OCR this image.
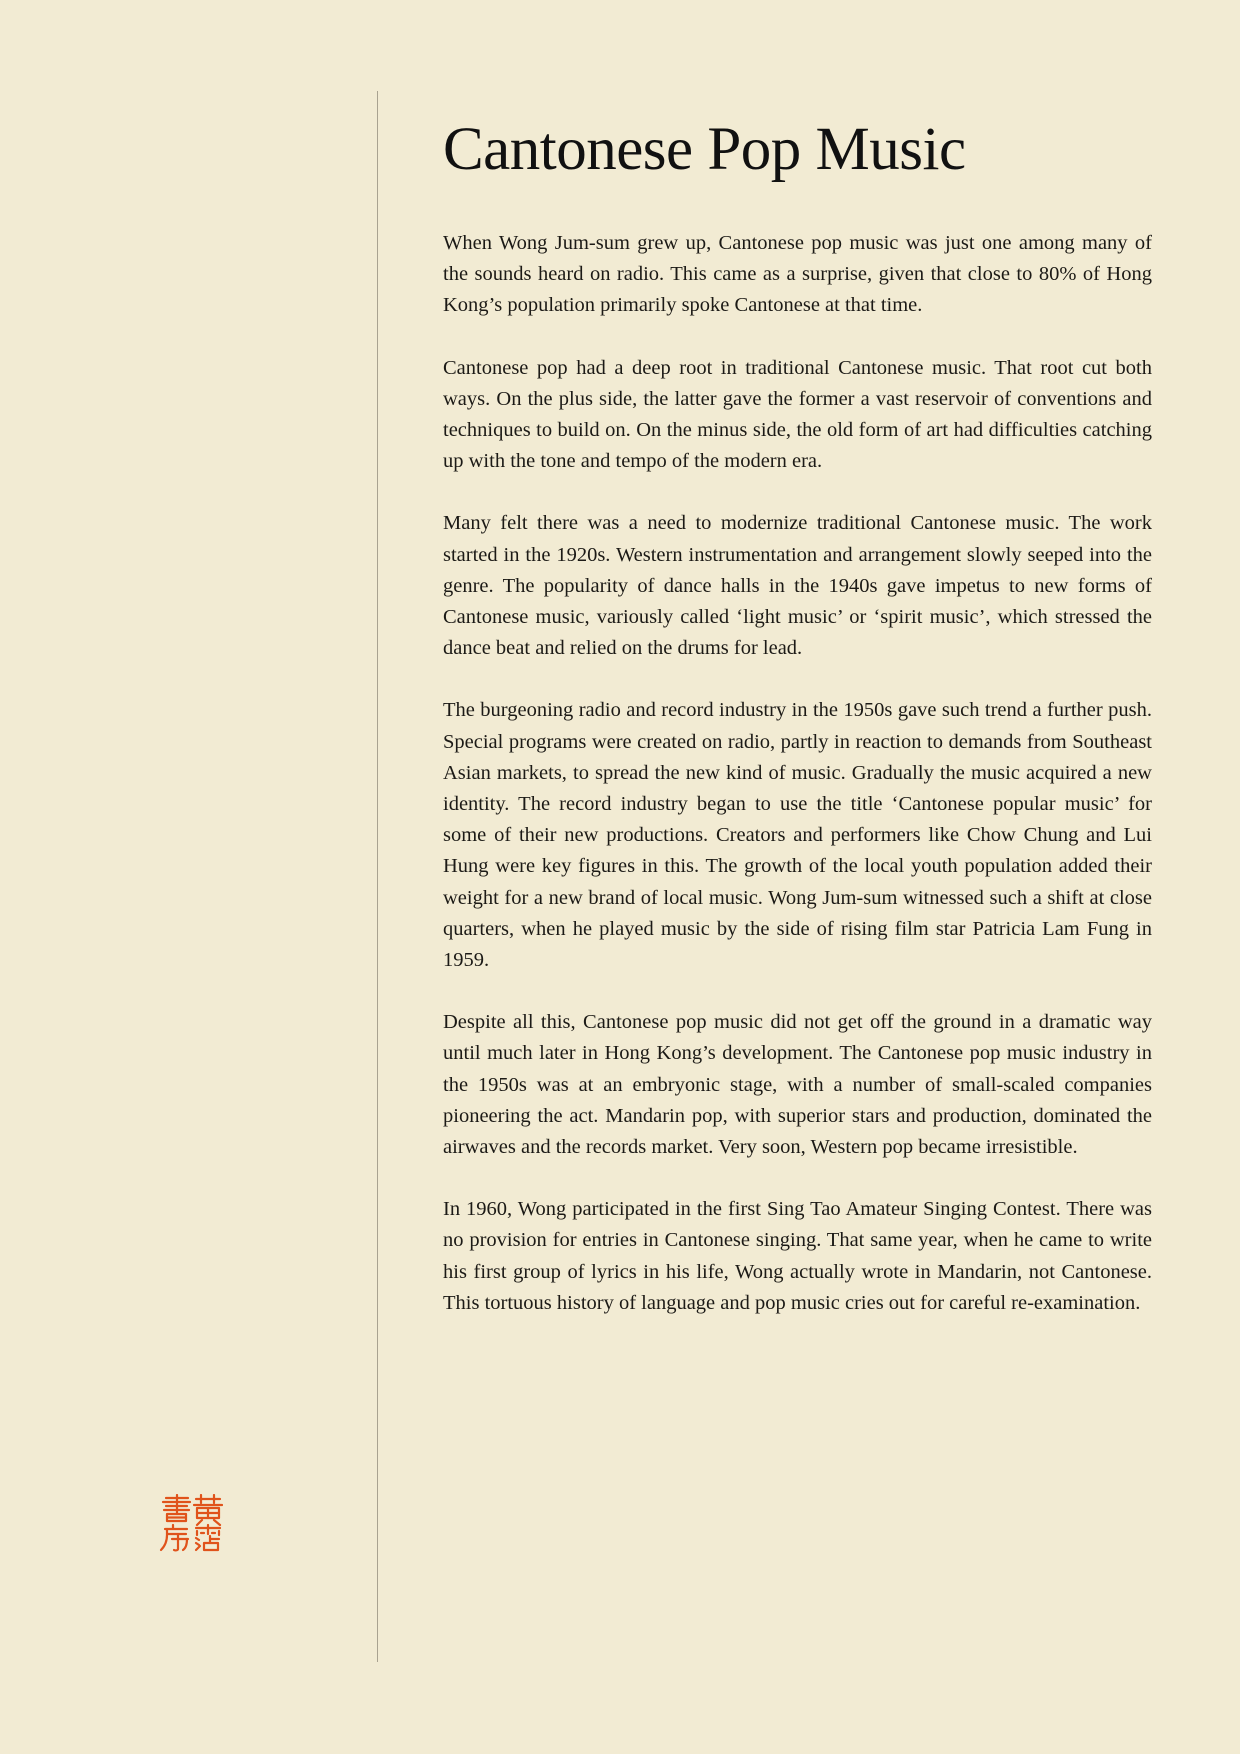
Cantonese Pop Music

When Wong Jum-sum grew up, Cantonese pop music was just one among many of the sounds heard on radio. This came as a surprise, given that close to 80% of Hong Kong’s population primarily spoke Cantonese at that time.

Cantonese pop had a deep root in traditional Cantonese music. That root cut both ways. On the plus side, the latter gave the former a vast reservoir of conventions and techniques to build on. On the minus side, the old form of art had difficulties catching up with the tone and tempo of the modern era.

Many felt there was a need to modernize traditional Cantonese music. The work started in the 1920s. Western instrumentation and arrangement slowly seeped into the genre. The popularity of dance halls in the 1940s gave impetus to new forms of Cantonese music, variously called ‘light music’ or ‘spirit music’, which stressed the dance beat and relied on the drums for lead.

The burgeoning radio and record industry in the 1950s gave such trend a further push. Special programs were created on radio, partly in reaction to demands from Southeast Asian markets, to spread the new kind of music. Gradually the music acquired a new identity. The record industry began to use the title ‘Cantonese popular music’ for some of their new productions. Creators and performers like Chow Chung and Lui Hung were key figures in this. The growth of the local youth population added their weight for a new brand of local music. Wong Jum-sum witnessed such a shift at close quarters, when he played music by the side of rising film star Patricia Lam Fung in 1959.

Despite all this, Cantonese pop music did not get off the ground in a dramatic way until much later in Hong Kong’s development. The Cantonese pop music industry in the 1950s was at an embryonic stage, with a number of small-scaled companies pioneering the act. Mandarin pop, with superior stars and production, dominated the airwaves and the records market. Very soon, Western pop became irresistible.

In 1960, Wong participated in the first Sing Tao Amateur Singing Contest. There was no provision for entries in Cantonese singing. That same year, when he came to write his first group of lyrics in his life, Wong actually wrote in Mandarin, not Cantonese. This tortuous history of language and pop music cries out for careful re-examination.
